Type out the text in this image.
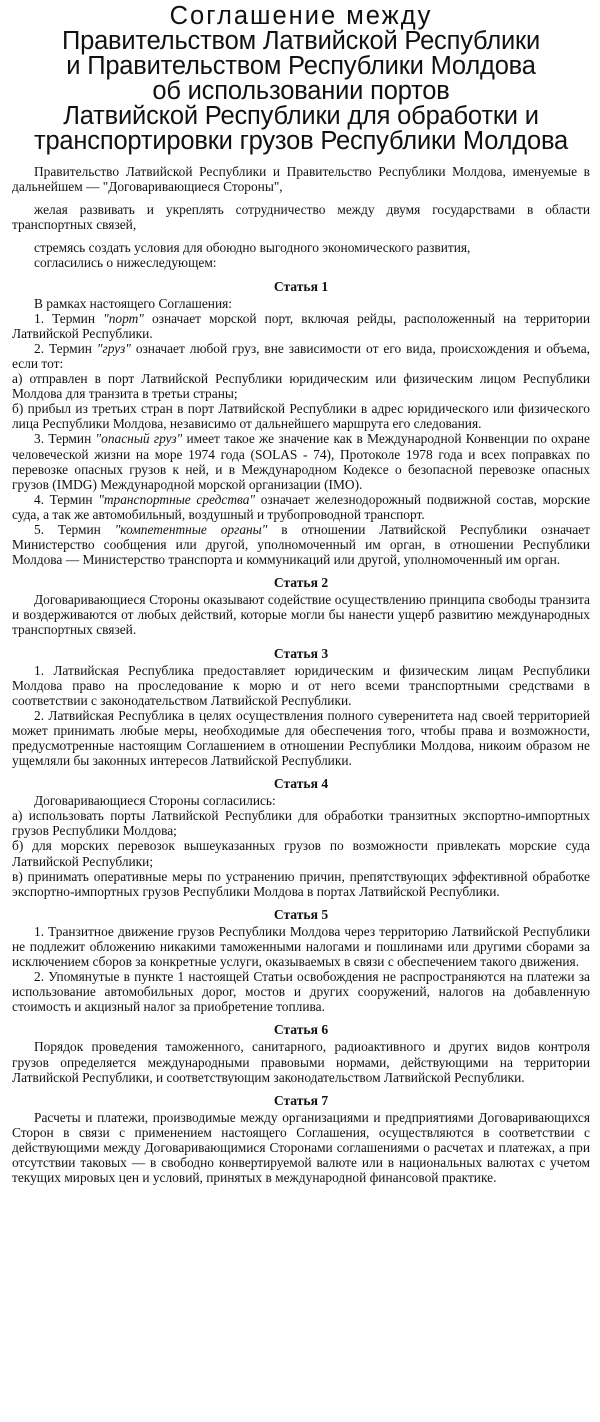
Соглашение между
Правительством Латвийской Республики
и Правительством Республики Молдова
об использовании портов
Латвийской Республики для обработки и
транспортировки грузов Республики Молдова

Правительство Латвийской Республики и Правительство Республики Молдова, именуемые в дальнейшем — "Договаривающиеся Стороны",

желая развивать и укреплять сотрудничество между двумя государствами в области транспортных связей,

стремясь создать условия для обоюдно выгодного экономического развития,

согласились о нижеследующем:

Статья 1

В рамках настоящего Соглашения:

1. Термин "порт" означает морской порт, включая рейды, расположенный на территории Латвийской Республики.

2. Термин "груз" означает любой груз, вне зависимости от его вида, происхождения и объема, если тот:

а) отправлен в порт Латвийской Республики юридическим или физическим лицом Республики Молдова для транзита в третьи страны;

б) прибыл из третьих стран в порт Латвийской Республики в адрес юридического или физического лица Республики Молдова, независимо от дальнейшего маршрута его следования.

3. Термин "опасный груз" имеет такое же значение как в Международной Конвенции по охране человеческой жизни на море 1974 года (SOLAS - 74), Протоколе 1978 года и всех поправках по перевозке опасных грузов к ней, и в Международном Кодексе о безопасной перевозке опасных грузов (IMDG) Международной морской организации (IMO).

4. Термин "транспортные средства" означает железнодорожный подвижной состав, морские суда, а так же автомобильный, воздушный и трубопроводной транспорт.

5. Термин "компетентные органы" в отношении Латвийской Республики означает Министерство сообщения или другой, уполномоченный им орган, в отношении Республики Молдова — Министерство транспорта и коммуникаций или другой, уполномоченный им орган.

Статья 2

Договаривающиеся Стороны оказывают содействие осуществлению принципа свободы транзита и воздерживаются от любых действий, которые могли бы нанести ущерб развитию международных транспортных связей.

Статья 3

1. Латвийская Республика предоставляет юридическим и физическим лицам Республики Молдова право на проследование к морю и от него всеми транспортными средствами в соответствии с законодательством Латвийской Республики.

2. Латвийская Республика в целях осуществления полного суверенитета над своей территорией может принимать любые меры, необходимые для обеспечения того, чтобы права и возможности, предусмотренные настоящим Соглашением в отношении Республики Молдова, никоим образом не ущемляли бы законных интересов Латвийской Республики.

Статья 4

Договаривающиеся Стороны согласились:

а) использовать порты Латвийской Республики для обработки транзитных экспортно-импортных грузов Республики Молдова;

б) для морских перевозок вышеуказанных грузов по возможности привлекать морские суда Латвийской Республики;

в) принимать оперативные меры по устранению причин, препятствующих эффективной обработке экспортно-импортных грузов Республики Молдова в портах Латвийской Республики.

Статья 5

1. Транзитное движение грузов Республики Молдова через территорию Латвийской Республики не подлежит обложению никакими таможенными налогами и пошлинами или другими сборами за исключением сборов за конкретные услуги, оказываемых в связи с обеспечением такого движения.

2. Упомянутые в пункте 1 настоящей Статьи освобождения не распространяются на платежи за использование автомобильных дорог, мостов и других сооружений, налогов на добавленную стоимость и акцизный налог за приобретение топлива.

Статья 6

Порядок проведения таможенного, санитарного, радиоактивного и других видов контроля грузов определяется международными правовыми нормами, действующими на территории Латвийской Республики, и соответствующим законодательством Латвийской Республики.

Статья 7

Расчеты и платежи, производимые между организациями и предприятиями Договаривающихся Сторон в связи с применением настоящего Соглашения, осуществляются в соответствии с действующими между Договаривающимися Сторонами соглашениями о расчетах и платежах, а при отсутствии таковых — в свободно конвертируемой валюте или в национальных валютах с учетом текущих мировых цен и условий, принятых в международной финансовой практике.
